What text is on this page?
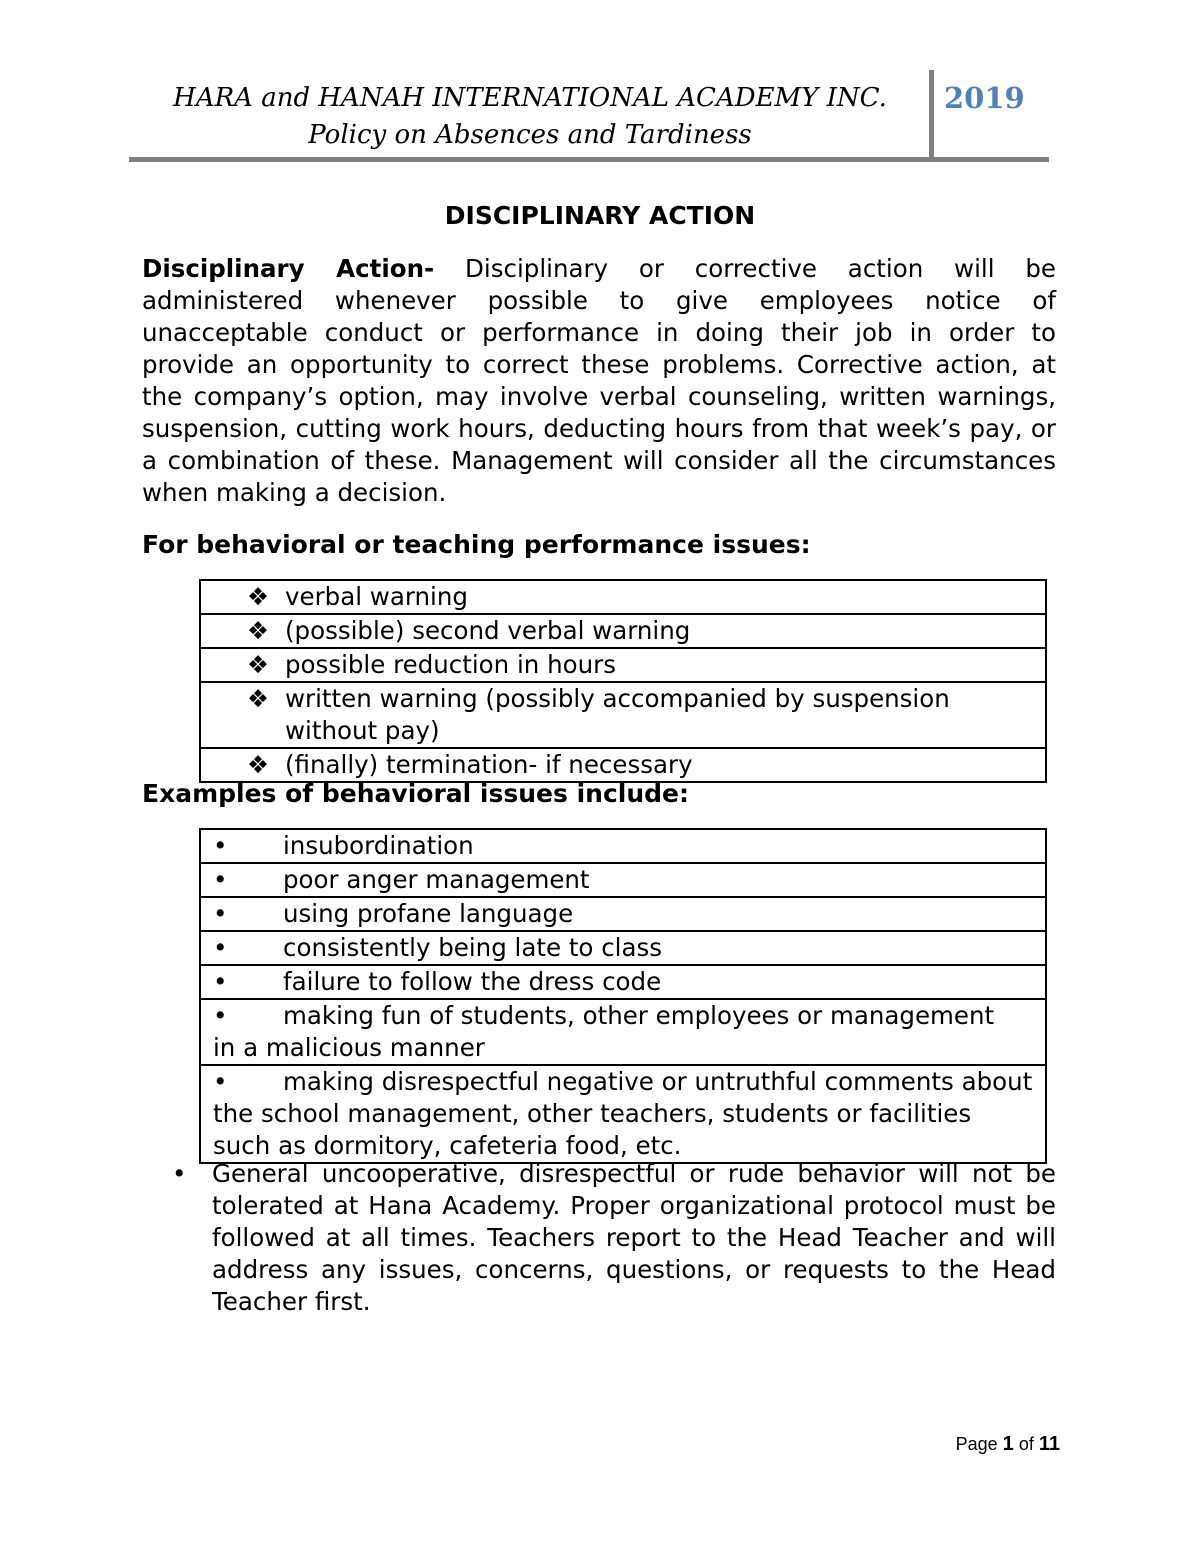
HARA and HANAH INTERNATIONAL ACADEMY INC.
Policy on Absences and Tardiness
2019
DISCIPLINARY ACTION
Disciplinary Action- Disciplinary or corrective action will be administered whenever possible to give employees notice of unacceptable conduct or performance in doing their job in order to provide an opportunity to correct these problems. Corrective action, at the company’s option, may involve verbal counseling, written warnings, suspension, cutting work hours, deducting hours from that week’s pay, or a combination of these. Management will consider all the circumstances when making a decision.
For behavioral or teaching performance issues:
❖ verbal warning

❖ (possible) second verbal warning

❖ possible reduction in hours

❖ written warning (possibly accompanied by suspension without pay)

❖ (finally) termination- if necessary
Examples of behavioral issues include:
• insubordination

• poor anger management

• using profane language

• consistently being late to class

• failure to follow the dress code

• making fun of students, other employees or management   in a malicious manner

• making disrespectful negative or untruthful comments about the school management, other teachers, students or facilities such as dormitory, cafeteria food, etc.
•	General uncooperative, disrespectful or rude behavior will not be tolerated at Hana Academy. Proper organizational protocol must be followed at all times. Teachers report to the Head Teacher and will address any issues, concerns, questions, or requests to the Head Teacher first.
Page 1 of 11
